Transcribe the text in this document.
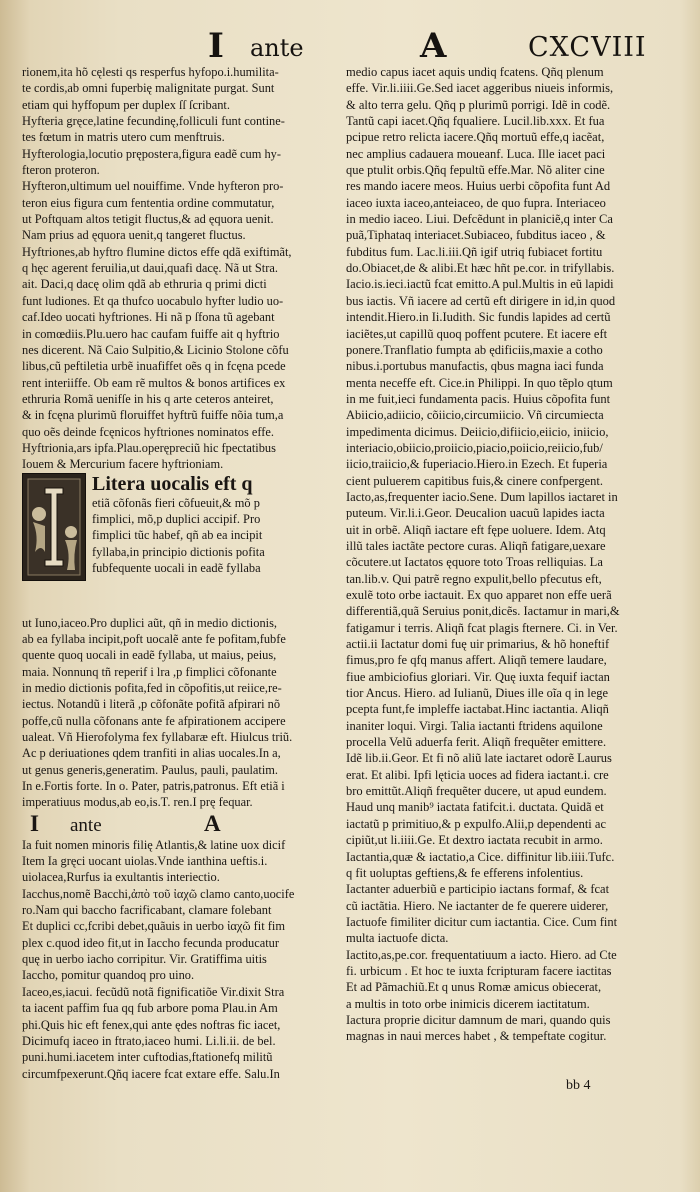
I ante	A	CXCVIII
rionem,ita hõ cęlesti qs resperfus hyfopo.i.humilita-
te cordis,ab omni fuperbię malignitate purgat. Sunt
etiam qui hyffopum per duplex ſſ ſcribant.
Hyfteria gręce,latine fecundinę,folliculi funt contine-
tes fœtum in matris utero cum menftruis.
Hyfterologia,locutio pręposteгa,figura eadẽ cum hy-
fteron proteron.
Hyfteron,ultimum uel nouiffime. Vnde hyfteron pro-
teron eius figura cum fententia ordine commutatur,
ut Poftquam altos tetigit fluctus,& ad ęquora uenit.
Nam prius ad ęquora uenit,q tangeret fluctus.
Hyftriones,ab hyftro flumine dictos effe qdã exiftimãt,
q hęc agerent feruilia,ut daui,quafi dacę. Nã ut Stra.
ait. Daci,q dacę olim qdã ab ethruria q primi dicti
funt ludiones. Et qa thufco uocabulo hyfter ludio uo-
caf.Ideo uocati hyftriones. Hi nã p ſfona tũ agebant
in comœdiis.Plu.uero hac caufam fuiffe ait q hyftrio
nes dicerent. Nã Caio Sulpitio,& Licinio Stolone cõfu
libus,cũ peftiletia urbẽ inuafiffet oẽs q in fcęna pcede
rent interiiffe. Ob eam rẽ multos & bonos artifices ex
ethruria Romã uenifſe in his q arte ceteros anteiret,
& in fcęna plurimũ floruiffet hyftrũ fuiffe nõia tum,a
quo oẽs deinde fcęnicos hyftriones nominatos effe.
Hyftrionia,ars ipfa.Plau.operępreciũ hic fpectatibus
Iouem & Mercurium facere hyftrioniam.
Litera uocalis eft q
etiã cõfonãs fieri cõfueuit,& mõ p
fimplici, mõ,p duplici accipif. Pro
fimplici tũc habef, qñ ab ea incipit
fyllaba,in principio dictionis pofita
fubfequente uocali in eadẽ fyllaba
ut Iuno,iaceo.Pro duplici aũt, qñ in medio dictionis,
ab ea fyllaba incipit,poft uocalẽ ante fe pofitam,fubfe
quente quoq uocali in eadẽ fyllaba, ut maius, peius,
maia. Nonnunq tñ reperif i lra ,p fimplici cõfonante
in medio dictionis pofita,fed in cõpofitis,ut reiice,re-
iectus. Notandũ i literã ,p cõfonãte pofitã afpirari nõ
poffe,cũ nulla cõfonans ante fe afpirationem accipere
ualeat. Vñ Hierofolyma fex fyllabaræ eft. Hiulcus triũ.
Ac p deriuationes qdem tranfiti in alias uocales.In a,
ut genus generis,generatim. Paulus, pauli, paulatim.
In e.Fortis forte. In o. Pater, patris,patronus. Eft etiã i
imperatiuus modus,ab eo,is.T. ren.I prę fequar.
I ante	A
Ia fuit nomen minoris filię Atlantis,& latine uox dicif
Item Ia gręci uocant uiolas.Vnde ianthina ueftis.i.
uiolacea,Rurfus ia exultantis interiectio.
Iacchus,nomẽ Bacchi,ἀπὸ τοῦ ἰαχῶ clamo canto,uocife
ro.Nam qui baccho facrificabant, clamare folebant
Et duplici cc,fcribi debet,quãuis in uerbo ἰαχῶ fit fim
plex c.quod ideo fit,ut in Iaccho fecunda producatur
quę in uerbo iacho corripitur. Vir. Gratiffima uitis
Iaccho, pomitur quandoq pro uino.
Iaceo,es,iacui. fecũdũ notã fignificatiõe Vir.dixit Stra
ta iacent paffim fua qq fub arbore poma Plau.in Am
phi.Quis hic eft fenex,qui ante ędes noftras fic iacet,
Dicimufq iaceo in ftrato,iaceo humi. Li.li.ii. de bel.
puni.humi.iacetem inter cuftodias,ftationefq militũ
circumfpexerunt.Qñq iacere fcat extare effe. Salu.In
medio capus iacet aquis undiq fcatens. Qñq plenum
effe. Vir.li.iiii.Ge.Sed iacet aggeribus niueis informis,
& alto terra gelu. Qñq p plurimũ porrigi. Idẽ in codẽ.
Tantũ capi iacet.Qñq fqualiere. Lucil.lib.xxx. Et fua
pcipue retro relicta iacere.Qñq mortuũ effe,q iacẽat,
nec amplius cadauera moueanf. Luca. Ille iacet paci
que ptulit orbis.Qñq fepultũ effe.Mar. Nõ aliter cine
res mando iacere meos. Huius uerbi cõpofita funt Ad
iaceo iuxta iaceo,anteiaceo, de quo fupra. Interiaceo
in medio iaceo. Liui. Defcẽdunt in planiciẽ,q inter Ca
puã,Tiphataq interiacet.Subiaceo, fubditus iaceo , &
fubditus fum. Lac.li.iii.Qñ igif utriq fubiacet fortitu
do.Obiacet,de & alibi.Et hæc hñt pe.cor. in trifyllabis.
Iacio.is.ieci.iactũ fcat emitto.A pul.Multis in eũ lapidi
bus iactis. Vñ iacere ad certũ eft dirigere in id,in quod
intendit.Hiero.in Ii.Iudith. Sic fundis lapides ad certũ
iaciẽtes,ut capillũ quoq poffent pcutere. Et iacere eft
ponere.Tranflatio fumpta ab ędificiis,maxie a cotho
nibus.i.portubus manufactis, qbus magna iaci funda
menta neceffe eft. Cice.in Philippi. In quo tẽplo qtum
in me fuit,ieci fundamenta pacis. Huius cõpofita funt
Abiicio,adiicio, cõiicio,circumiicio. Vñ circumiecta
impedimenta dicimus. Deiicio,difiicio,eiicio, iniicio,
interiacio,obiicio,proiicio,piacio,poiicio,reiicio,fub/
iicio,traiicio,& fuperiacio.Hiero.in Ezech. Et fuperia
cient puluerem capitibus fuis,& cinere confpergent.
Iacto,as,frequenter iacio.Sene. Dum lapillos iactaret in
puteum. Vir.li.i.Geor. Deucalion uacuũ lapides iacta
uit in orbẽ. Aliqñ iactare eft fępe uoluere. Idem. Atq
illũ tales iactãte pectore curas. Aliqñ fatigare,uexare
cõcutere.ut Iactatos ęquore toto Troas relliquias. La
tan.lib.v. Qui patrẽ regno expulit,bello pfecutus eft,
exulẽ toto orbe iactauit. Ex quo apparet non effe uerã
differentiã,quã Seruius ponit,dicẽs. Iactamur in mari,&
fatigamur i terris. Aliqñ fcat plagis fternere. Ci. in Ver.
actii.ii Iactatur domi fuę uir primarius, & hõ honeftif
fimus,pro fe qfq manus affert. Aliqñ temere laudare,
fiue ambiciofius gloriari. Vir. Quę iuxta fequif iactan
tior Ancus. Hiero. ad Iulianũ, Diues ille oĩa q in lege
pcepta funt,fe impleffe iactabat.Hinc iactantia. Aliqñ
inaniter loqui. Virgi. Talia iactanti ftridens aquilone
procella Velũ aduerfa ferit. Aliqñ frequẽter emittere.
Idẽ lib.ii.Geor. Et fi nõ aliũ late iactaret odorẽ Laurus
erat. Et alibi. Ipfi lęticia uoces ad fidera iactant.i. cre
bro emittũt.Aliqñ frequẽter ducere, ut apud eundem.
Haud unq manib⁹ iactata fatifcit.i. ductata. Quidã et
iactatũ p primitiuo,& p expulfo.Alii,p dependenti ac
cipiũt,ut li.iiii.Ge. Et dextro iactata recubit in armo.
Iactantia,quæ & iactatio,a Cice. diffinitur lib.iiii.Tufc.
q fit uoluptas geftiens,& fe efferens infolentius.
Iactanter aduerbiũ e participio iactans formaf, & fcat
cũ iactãtia. Hiero. Ne iactanter de fe querere uiderer,
Iactuofe fimiliter dicitur cum iactantia. Cice. Cum fint
multa iactuofe dicta.
Iactito,as,pe.cor. frequentatiuum a iacto. Hiero. ad Cte
fi. urbicum . Et hoc te iuxta fcripturam facere iactitas
Et ad Pãmachiũ.Et q unus Romæ amicus obiecerat,
a multis in toto orbe inimicis dicerem iactitatum.
Iactura proprie dicitur damnum de mari, quando quis
magnas in naui merces habet , & tempeftate cogitur.
bb 4
